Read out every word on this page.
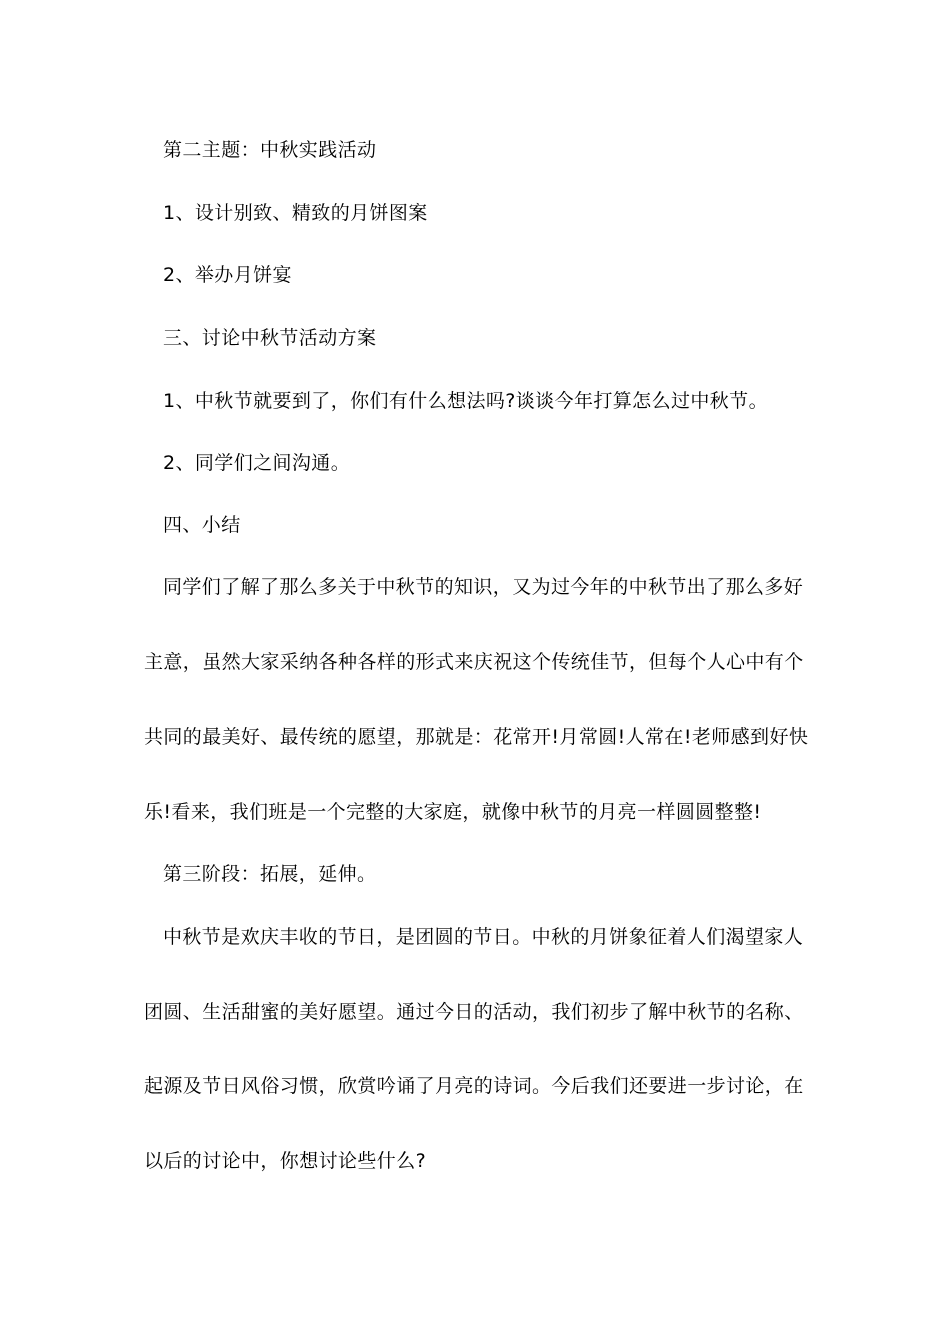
第二主题：中秋实践活动
1、设计别致、精致的月饼图案
2、举办月饼宴
三、讨论中秋节活动方案
1、中秋节就要到了，你们有什么想法吗?谈谈今年打算怎么过中秋节。
2、同学们之间沟通。
四、小结
同学们了解了那么多关于中秋节的知识，又为过今年的中秋节出了那么多好
主意，虽然大家采纳各种各样的形式来庆祝这个传统佳节，但每个人心中有个
共同的最美好、最传统的愿望，那就是：花常开!月常圆!人常在!老师感到好快
乐!看来，我们班是一个完整的大家庭，就像中秋节的月亮一样圆圆整整!
第三阶段：拓展，延伸。
中秋节是欢庆丰收的节日，是团圆的节日。中秋的月饼象征着人们渴望家人
团圆、生活甜蜜的美好愿望。通过今日的活动，我们初步了解中秋节的名称、
起源及节日风俗习惯，欣赏吟诵了月亮的诗词。今后我们还要进一步讨论，在
以后的讨论中，你想讨论些什么?
